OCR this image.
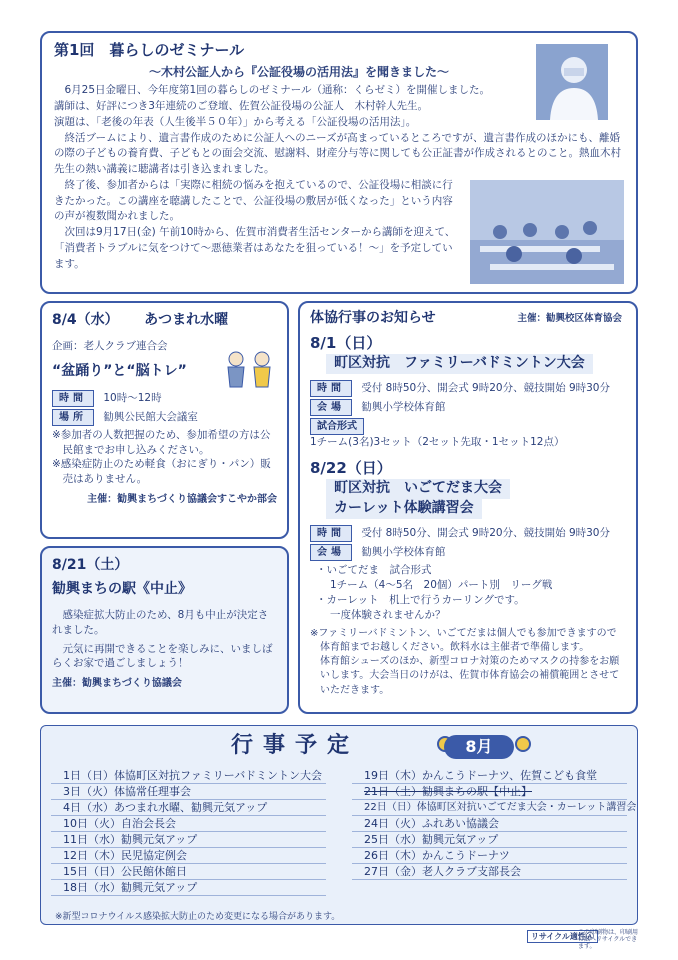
第1回　暮らしのゼミナール
～木村公証人から『公証役場の活用法』を聞きました～

6月25日金曜日、今年度第1回の暮らしのゼミナール（通称：くらゼミ）を開催しました。

講師は、好評につき3年連続のご登壇、佐賀公証役場の公証人　木村幹人先生。

演題は、「老後の年表（人生後半５０年）」から考える「公証役場の活用法」。

終活ブームにより、遺言書作成のために公証人へのニーズが高まっているところですが、遺言書作成のほかにも、離婚の際の子どもの養育費、子どもとの面会交流、慰謝料、財産分与等に関しても公正証書が作成されるとのこと。熱血木村先生の熱い講義に聴講者は引き込まれました。

終了後、参加者からは「実際に相続の悩みを抱えているので、公証役場に相談に行きたかった。この講座を聴講したことで、公証役場の敷居が低くなった」という内容の声が複数聞かれました。

次回は9月17日(金) 午前10時から、佐賀市消費者生活センターから講師を迎えて、「消費者トラブルに気をつけて～悪徳業者はあなたを狙っている！～」を予定しています。

8/4（水） あつまれ水曜
企画：老人クラブ連合会
“盆踊り”と“脳トレ”
時間 10時～12時
場所 勧興公民館大会議室
※参加者の人数把握のため、参加希望の方は公民館までお申し込みください。
※感染症防止のため軽食（おにぎり・パン）販売はありません。
主催：勧興まちづくり協議会すこやか部会
8/21（土）
勧興まちの駅《中止》
感染症拡大防止のため、8月も中止が決定されました。
元気に再開できることを楽しみに、いましばらくお家で過ごしましょう！
主催：勧興まちづくり協議会
体協行事のお知らせ	主催：勧興校区体育協会
8/1（日）
町区対抗　ファミリーバドミントン大会
時間 受付 8時50分、開会式 9時20分、競技開始 9時30分
会場 勧興小学校体育館
試合形式 1チーム(3名)3セット（2セット先取・1セット12点）
8/22（日）
町区対抗　いごてだま大会
カーレット体験講習会
時間 受付 8時50分、開会式 9時20分、競技開始 9時30分
会場 勧興小学校体育館
・いごてだま　試合形式
1チーム（4～5名　20個）パート別　リーグ戦
・カーレット　机上で行うカーリングです。
一度体験されませんか？
※ファミリーバドミントン、いごてだまは個人でも参加できますので体育館までお越しください。飲料水は主催者で準備します。
体育館シューズのほか、新型コロナ対策のためマスクの持参をお願いします。大会当日のけがは、佐賀市体育協会の補償範囲とさせていただきます。
行事予定	8月
1日（日）体協町区対抗ファミリーバドミントン大会
3日（火）体協常任理事会
4日（水）あつまれ水曜、勧興元気アップ
10日（火）自治会長会
11日（水）勧興元気アップ
12日（木）民児協定例会
15日（日）公民館休館日
18日（水）勧興元気アップ
19日（木）かんこうドーナツ、佐賀こども食堂
21日（土）勧興まちの駅【中止】
22日（日）体協町区対抗いごてだま大会・カーレット講習会
24日（火）ふれあい協議会
25日（水）勧興元気アップ
26日（木）かんこうドーナツ
27日（金）老人クラブ支部長会
※新型コロナウイルス感染拡大防止のため変更になる場合があります。
リサイクル適性Ⓐ
この印刷物は、印刷用の紙へリサイクルできます。
